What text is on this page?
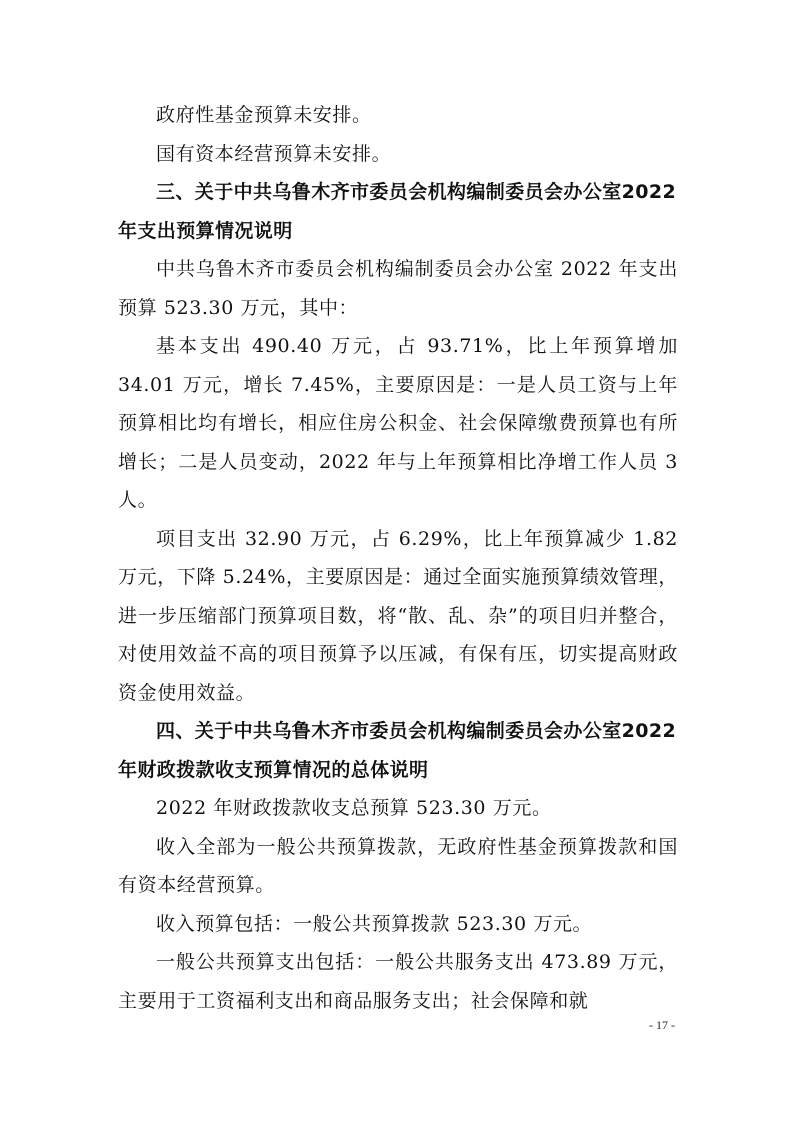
政府性基金预算未安排。

国有资本经营预算未安排。

三、关于中共乌鲁木齐市委员会机构编制委员会办公室2022年支出预算情况说明

中共乌鲁木齐市委员会机构编制委员会办公室 2022 年支出预算 523.30 万元，其中：

基本支出 490.40 万元，占 93.71%，比上年预算增加 34.01 万元，增长 7.45%，主要原因是：一是人员工资与上年预算相比均有增长，相应住房公积金、社会保障缴费预算也有所增长；二是人员变动，2022 年与上年预算相比净增工作人员 3 人。

项目支出 32.90 万元，占 6.29%，比上年预算减少 1.82 万元，下降 5.24%，主要原因是：通过全面实施预算绩效管理，进一步压缩部门预算项目数，将“散、乱、杂”的项目归并整合，对使用效益不高的项目预算予以压减，有保有压，切实提高财政资金使用效益。

四、关于中共乌鲁木齐市委员会机构编制委员会办公室2022年财政拨款收支预算情况的总体说明

2022 年财政拨款收支总预算 523.30 万元。

收入全部为一般公共预算拨款，无政府性基金预算拨款和国有资本经营预算。

收入预算包括：一般公共预算拨款 523.30 万元。

一般公共预算支出包括：一般公共服务支出 473.89 万元，主要用于工资福利支出和商品服务支出；社会保障和就

- 17 -
